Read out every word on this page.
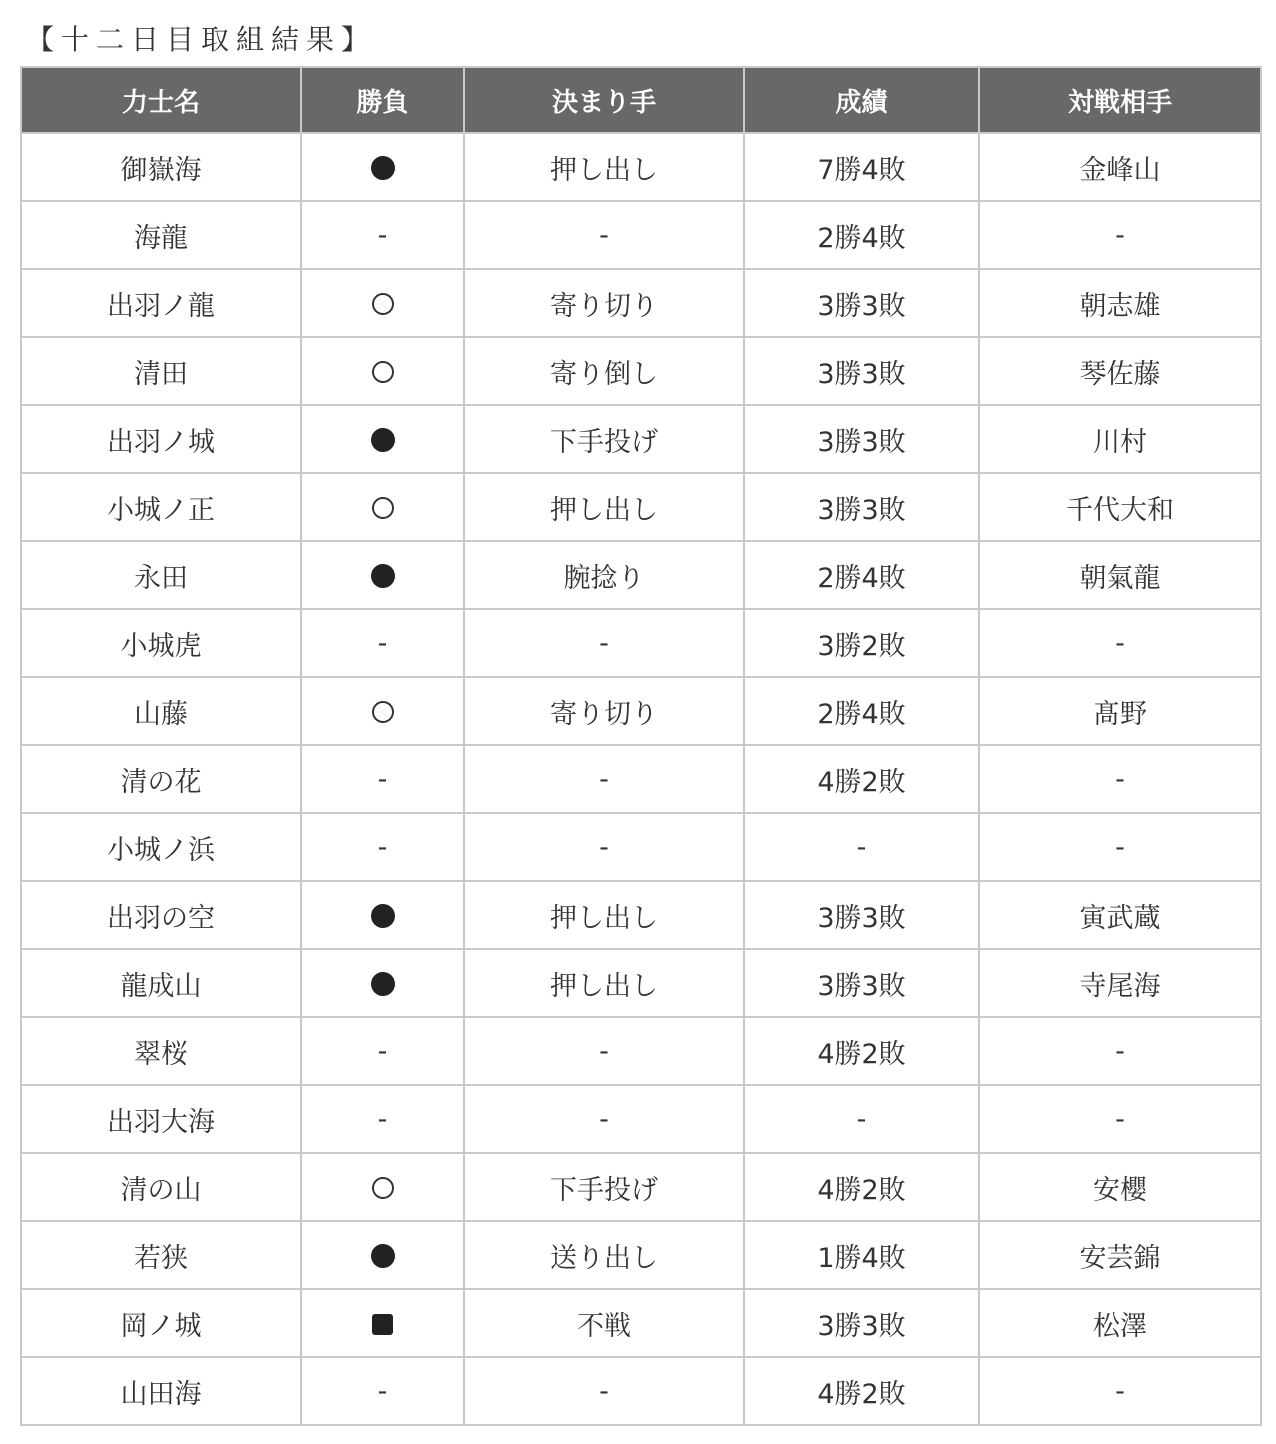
【十二日目取組結果】
力士名	勝負	決まり手	成績	対戦相手
御嶽海		押し出し	7勝4敗	金峰山
海龍	-	-	2勝4敗	-
出羽ノ龍		寄り切り	3勝3敗	朝志雄
清田		寄り倒し	3勝3敗	琴佐藤
出羽ノ城		下手投げ	3勝3敗	川村
小城ノ正		押し出し	3勝3敗	千代大和
永田		腕捻り	2勝4敗	朝氣龍
小城虎	-	-	3勝2敗	-
山藤		寄り切り	2勝4敗	髙野
清の花	-	-	4勝2敗	-
小城ノ浜	-	-	-	-
出羽の空		押し出し	3勝3敗	寅武蔵
龍成山		押し出し	3勝3敗	寺尾海
翠桜	-	-	4勝2敗	-
出羽大海	-	-	-	-
清の山		下手投げ	4勝2敗	安櫻
若狭		送り出し	1勝4敗	安芸錦
岡ノ城		不戦	3勝3敗	松澤
山田海	-	-	4勝2敗	-
